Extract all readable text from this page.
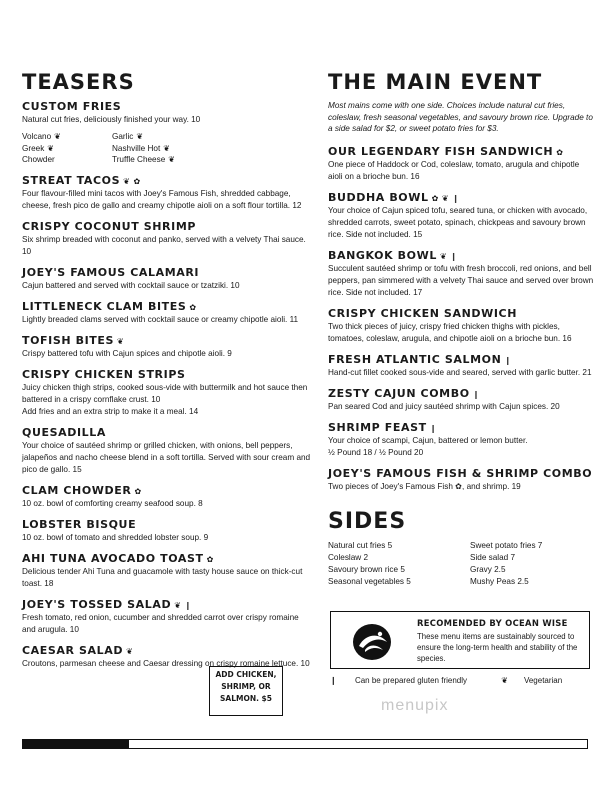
TEASERS
CUSTOM FRIES
Natural cut fries, deliciously finished your way. 10
Volcano ❦	Garlic ❦
Greek ❦	Nashville Hot ❦
Chowder	Truffle Cheese ❦
STREAT TACOS ❦ ✿
Four flavour-filled mini tacos with Joey's Famous Fish, shredded cabbage, cheese, fresh pico de gallo and creamy chipotle aioli on a soft flour tortilla. 12
CRISPY COCONUT SHRIMP
Six shrimp breaded with coconut and panko, served with a velvety Thai sauce. 10
JOEY'S FAMOUS CALAMARI
Cajun battered and served with cocktail sauce or tzatziki. 10
LITTLENECK CLAM BITES ✿
Lightly breaded clams served with cocktail sauce or creamy chipotle aioli. 11
TOFISH BITES ❦
Crispy battered tofu with Cajun spices and chipotle aioli. 9
CRISPY CHICKEN STRIPS
Juicy chicken thigh strips, cooked sous-vide with buttermilk and hot sauce then battered in a crispy cornflake crust. 10
Add fries and an extra strip to make it a meal. 14
QUESADILLA
Your choice of sautéed shrimp or grilled chicken, with onions, bell peppers, jalapeños and nacho cheese blend in a soft tortilla. Served with sour cream and pico de gallo. 15
CLAM CHOWDER ✿
10 oz. bowl of comforting creamy seafood soup. 8
LOBSTER BISQUE
10 oz. bowl of tomato and shredded lobster soup. 9
AHI TUNA AVOCADO TOAST ✿
Delicious tender Ahi Tuna and guacamole with tasty house sauce on thick-cut toast. 18
JOEY'S TOSSED SALAD ❦ ❙
Fresh tomato, red onion, cucumber and shredded carrot over crispy romaine and arugula. 10
CAESAR SALAD ❦
Croutons, parmesan cheese and Caesar dressing on crispy romaine lettuce. 10
ADD CHICKEN, SHRIMP, OR SALMON. $5
THE MAIN EVENT
Most mains come with one side. Choices include natural cut fries, coleslaw, fresh seasonal vegetables, and savoury brown rice. Upgrade to a side salad for $2, or sweet potato fries for $3.
OUR LEGENDARY FISH SANDWICH ✿
One piece of Haddock or Cod, coleslaw, tomato, arugula and chipotle aioli on a brioche bun. 16
BUDDHA BOWL ✿ ❦ ❙
Your choice of Cajun spiced tofu, seared tuna, or chicken with avocado, shredded carrots, sweet potato, spinach, chickpeas and savoury brown rice. Side not included. 15
BANGKOK BOWL ❦ ❙
Succulent sautéed shrimp or tofu with fresh broccoli, red onions, and bell peppers, pan simmered with a velvety Thai sauce and served over brown rice. Side not included. 17
CRISPY CHICKEN SANDWICH
Two thick pieces of juicy, crispy fried chicken thighs with pickles, tomatoes, coleslaw, arugula, and chipotle aioli on a brioche bun. 16
FRESH ATLANTIC SALMON ❙
Hand-cut fillet cooked sous-vide and seared, served with garlic butter. 21
ZESTY CAJUN COMBO ❙
Pan seared Cod and juicy sautéed shrimp with Cajun spices. 20
SHRIMP FEAST ❙
Your choice of scampi, Cajun, battered or lemon butter.
½ Pound 18 / ½ Pound 20
JOEY'S FAMOUS FISH & SHRIMP COMBO
Two pieces of Joey's Famous Fish ✿, and shrimp. 19
SIDES
Natural cut fries 5	Sweet potato fries 7
Coleslaw 2	Side salad 7
Savoury brown rice 5	Gravy 2.5
Seasonal vegetables 5	Mushy Peas 2.5
RECOMENDED BY OCEAN WISE
These menu items are sustainably sourced to ensure the long-term health and stability of the species.
❙ Can be prepared gluten friendly	❦ Vegetarian
menupix
